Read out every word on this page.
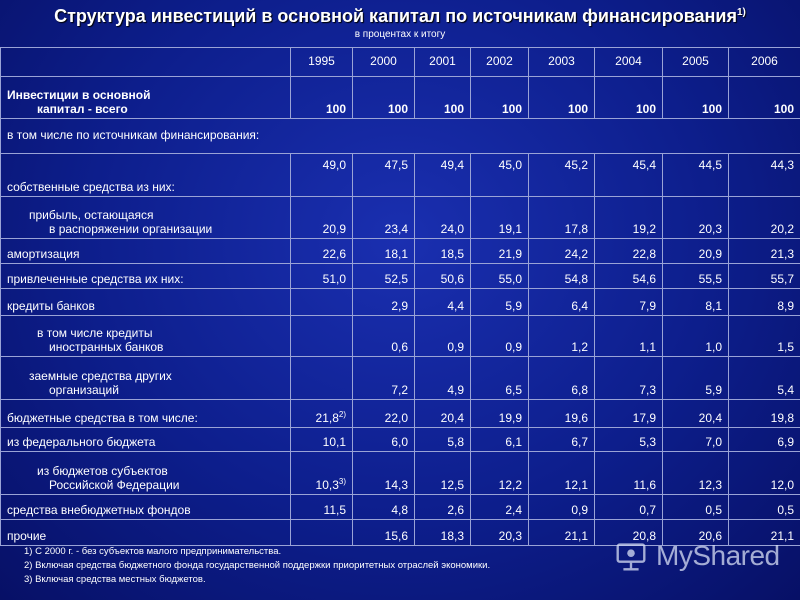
Структура инвестиций в основной капитал по источникам финансирования$^{1)}$
в процентах к итогу
	1995	2000	2001	2002	2003	2004	2005	2006

Инвестиции в основной
капитал - всего	100	100	100	100	100	100	100	100
в том числе по источникам финансирования:								
собственные средства из них:	49,0	47,5	49,4	45,0	45,2	45,4	44,5	44,3

прибыль, остающаяся
в распоряжении организации	20,9	23,4	24,0	19,1	17,8	19,2	20,3	20,2
амортизация	22,6	18,1	18,5	21,9	24,2	22,8	20,9	21,3
привлеченные средства их них:	51,0	52,5	50,6	55,0	54,8	54,6	55,5	55,7
кредиты банков		2,9	4,4	5,9	6,4	7,9	8,1	8,9

в том числе кредиты
иностранных банков		0,6	0,9	0,9	1,2	1,1	1,0	1,5

заемные средства других
организаций		7,2	4,9	6,5	6,8	7,3	5,9	5,4
бюджетные средства в том числе:	21,8$^{2)}$	22,0	20,4	19,9	19,6	17,9	20,4	19,8
из федерального бюджета	10,1	6,0	5,8	6,1	6,7	5,3	7,0	6,9

из бюджетов субъектов
Российской Федерации	10,3$^{3)}$	14,3	12,5	12,2	12,1	11,6	12,3	12,0
средства внебюджетных фондов	11,5	4,8	2,6	2,4	0,9	0,7	0,5	0,5
прочие		15,6	18,3	20,3	21,1	20,8	20,6	21,1
1) С 2000 г. - без субъектов малого предпринимательства.
2) Включая средства бюджетного фонда государственной поддержки приоритетных отраслей экономики.
3) Включая средства местных бюджетов.
MyShared
